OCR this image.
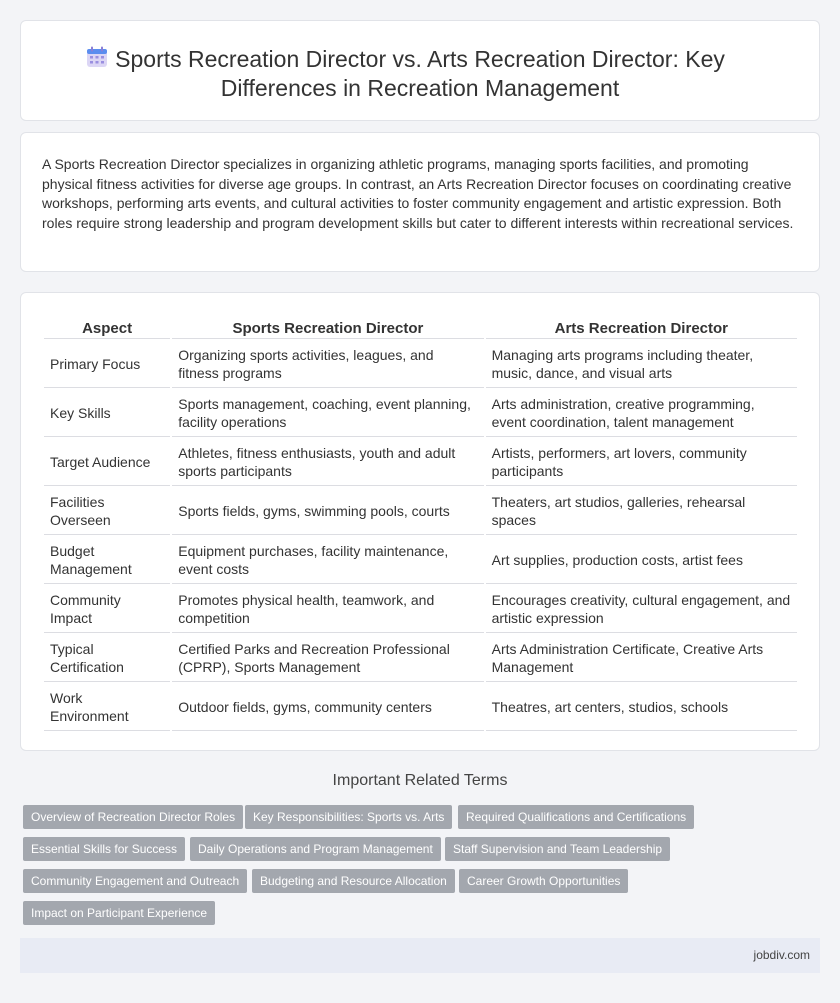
Sports Recreation Director vs. Arts Recreation Director: Key Differences in Recreation Management

A Sports Recreation Director specializes in organizing athletic programs, managing sports facilities, and promoting physical fitness activities for diverse age groups. In contrast, an Arts Recreation Director focuses on coordinating creative workshops, performing arts events, and cultural activities to foster community engagement and artistic expression. Both roles require strong leadership and program development skills but cater to different interests within recreational services.

Aspect	Sports Recreation Director	Arts Recreation Director
Primary Focus	Organizing sports activities, leagues, and fitness programs	Managing arts programs including theater, music, dance, and visual arts
Key Skills	Sports management, coaching, event planning, facility operations	Arts administration, creative programming, event coordination, talent management
Target Audience	Athletes, fitness enthusiasts, youth and adult sports participants	Artists, performers, art lovers, community participants
Facilities Overseen	Sports fields, gyms, swimming pools, courts	Theaters, art studios, galleries, rehearsal spaces
Budget Management	Equipment purchases, facility maintenance, event costs	Art supplies, production costs, artist fees
Community Impact	Promotes physical health, teamwork, and competition	Encourages creativity, cultural engagement, and artistic expression
Typical Certification	Certified Parks and Recreation Professional (CPRP), Sports Management	Arts Administration Certificate, Creative Arts Management
Work Environment	Outdoor fields, gyms, community centers	Theatres, art centers, studios, schools
Important Related Terms
Overview of Recreation Director Roles	Key Responsibilities: Sports vs. Arts	Required Qualifications and Certifications
Essential Skills for Success	Daily Operations and Program Management	Staff Supervision and Team Leadership
Community Engagement and Outreach	Budgeting and Resource Allocation	Career Growth Opportunities
Impact on Participant Experience
jobdiv.com
